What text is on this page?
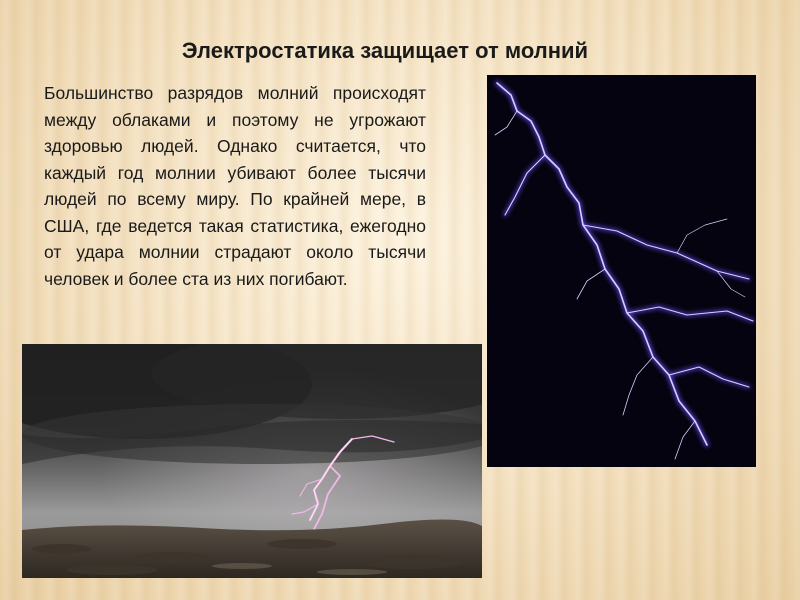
Электростатика защищает от молний
Большинство разрядов молний происходят между облаками и поэтому не угрожают здоровью людей. Однако считается, что каждый год молнии убивают более тысячи людей по всему миру. По крайней мере, в США, где ведется такая статистика, ежегодно от удара молнии страдают около тысячи человек и более ста из них погибают.
